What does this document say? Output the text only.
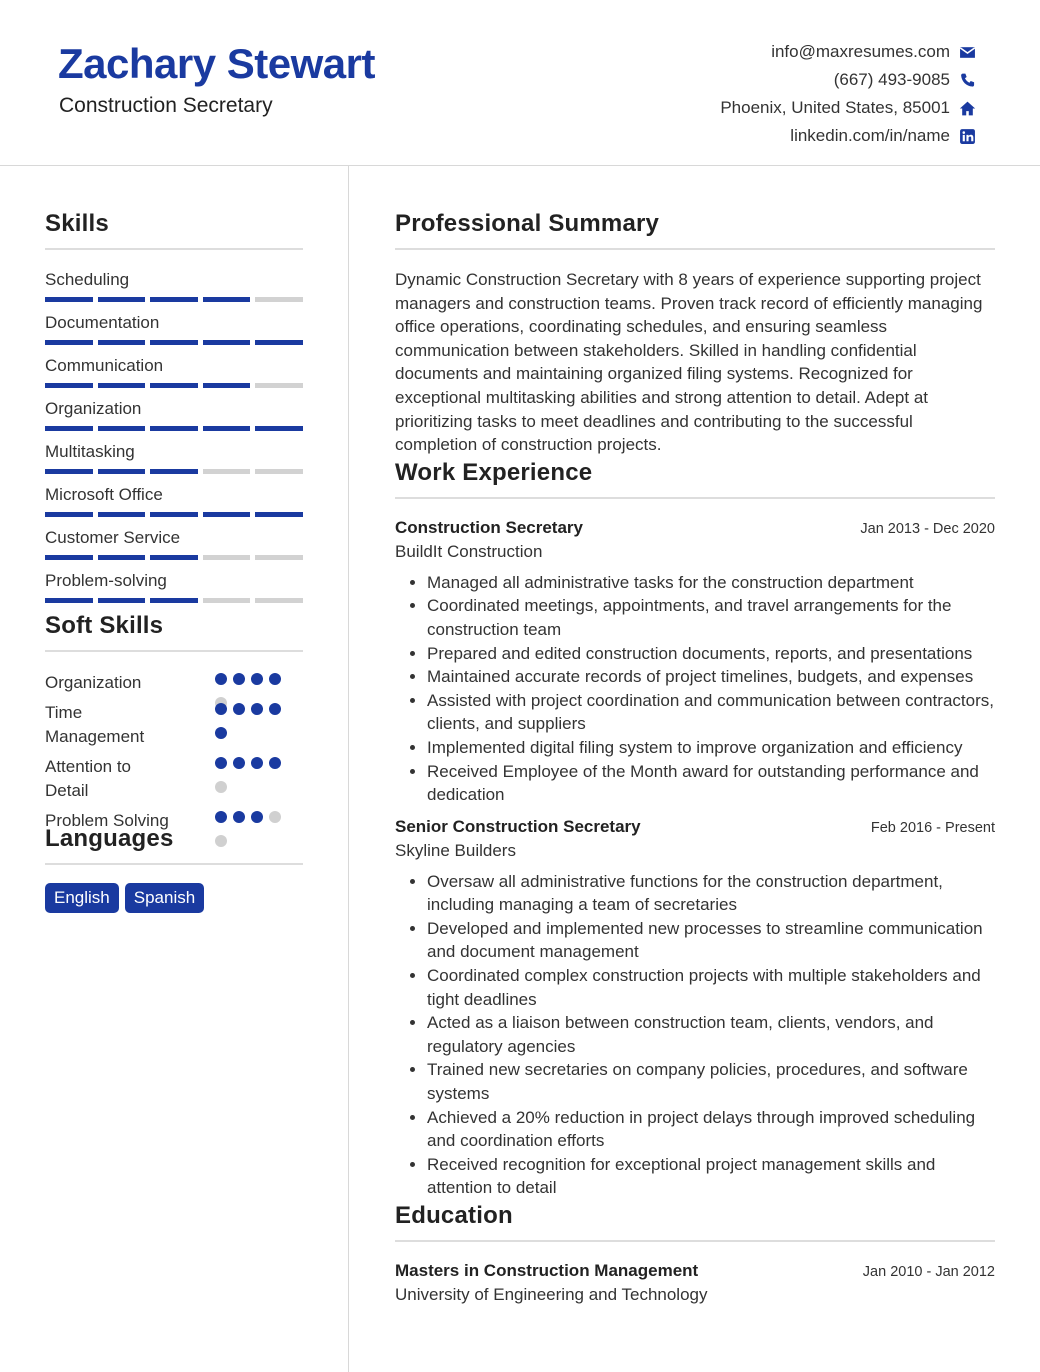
Zachary Stewart
Construction Secretary
info@maxresumes.com
(667) 493-9085
Phoenix, United States, 85001
linkedin.com/in/name
Skills
Scheduling
Documentation
Communication
Organization
Multitasking
Microsoft Office
Customer Service
Problem-solving
Soft Skills
Organization
Time Management
Attention to Detail
Problem Solving
Languages
English	Spanish
Professional Summary
Dynamic Construction Secretary with 8 years of experience supporting project managers and construction teams. Proven track record of efficiently managing office operations, coordinating schedules, and ensuring seamless communication between stakeholders. Skilled in handling confidential documents and maintaining organized filing systems. Recognized for exceptional multitasking abilities and strong attention to detail. Adept at prioritizing tasks to meet deadlines and contributing to the successful completion of construction projects.
Work Experience
Construction Secretary	Jan 2013 - Dec 2020
BuildIt Construction
• Managed all administrative tasks for the construction department
• Coordinated meetings, appointments, and travel arrangements for the construction team
• Prepared and edited construction documents, reports, and presentations
• Maintained accurate records of project timelines, budgets, and expenses
• Assisted with project coordination and communication between contractors, clients, and suppliers
• Implemented digital filing system to improve organization and efficiency
• Received Employee of the Month award for outstanding performance and dedication
Senior Construction Secretary	Feb 2016 - Present
Skyline Builders
• Oversaw all administrative functions for the construction department, including managing a team of secretaries
• Developed and implemented new processes to streamline communication and document management
• Coordinated complex construction projects with multiple stakeholders and tight deadlines
• Acted as a liaison between construction team, clients, vendors, and regulatory agencies
• Trained new secretaries on company policies, procedures, and software systems
• Achieved a 20% reduction in project delays through improved scheduling and coordination efforts
• Received recognition for exceptional project management skills and attention to detail
Education
Masters in Construction Management	Jan 2010 - Jan 2012
University of Engineering and Technology
